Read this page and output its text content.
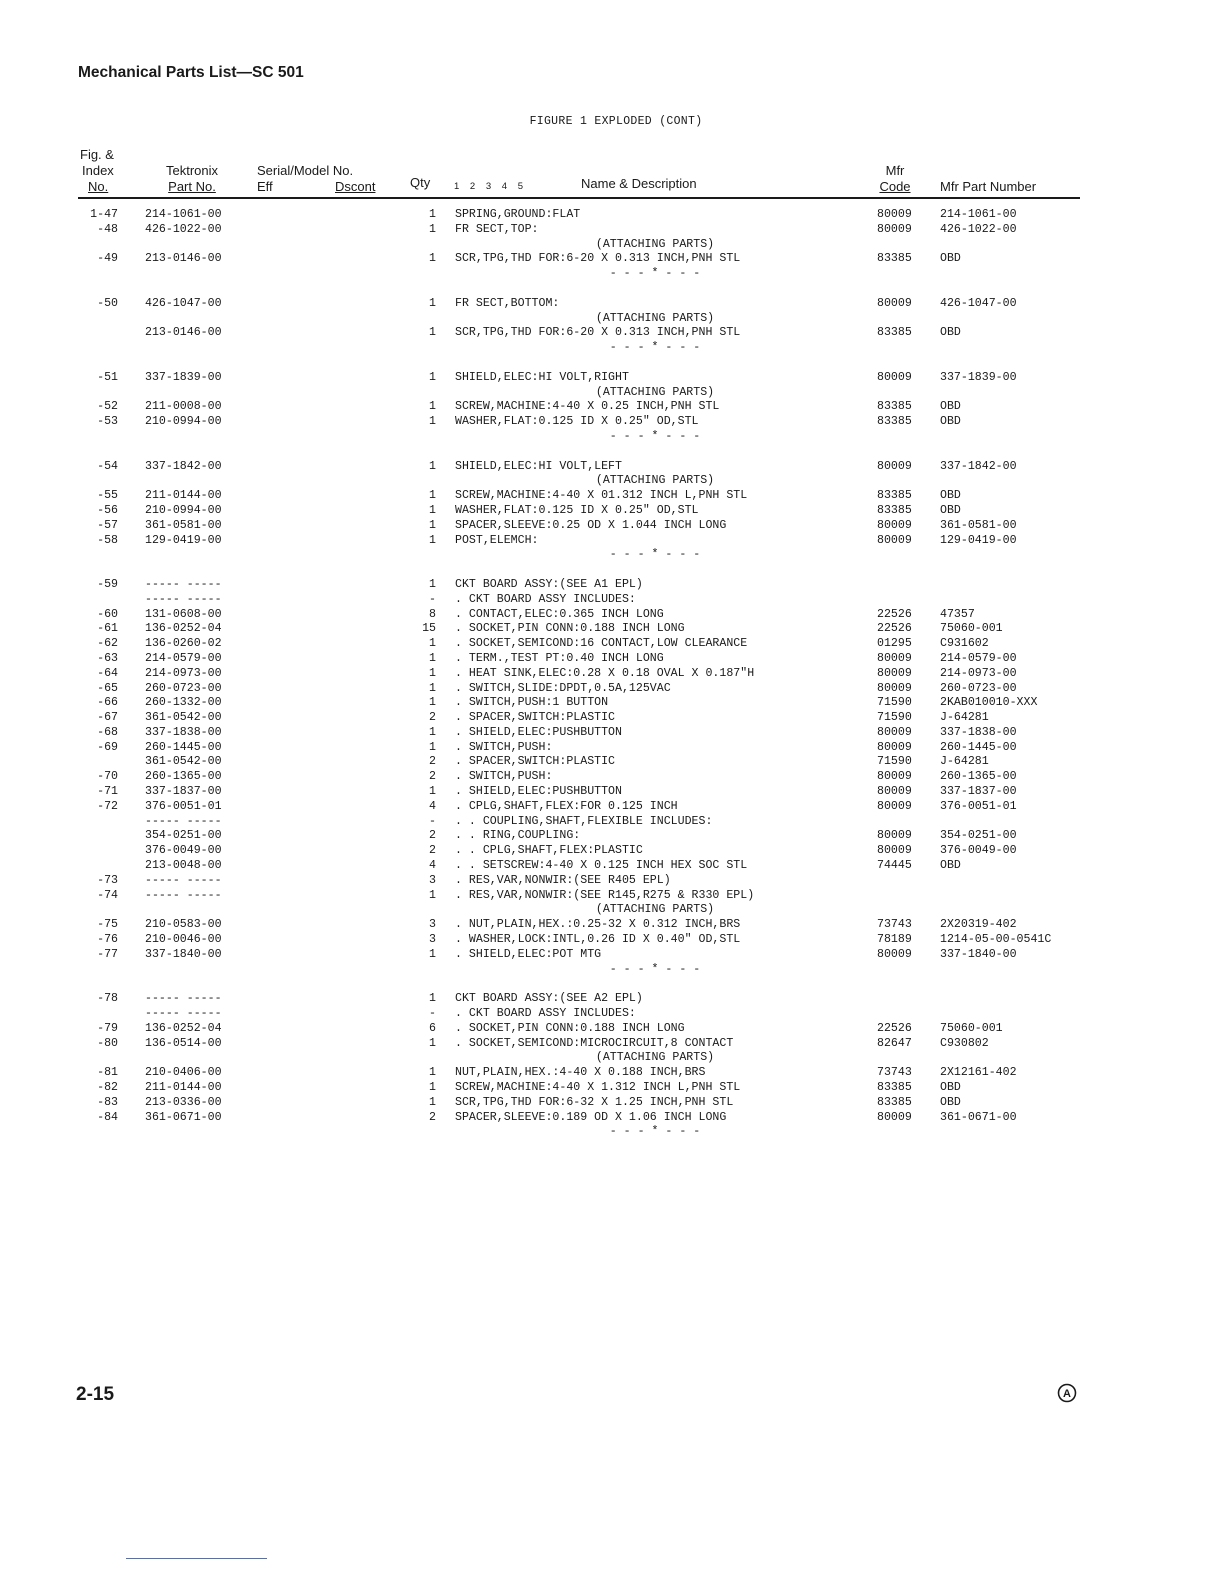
Mechanical Parts List—SC 501
FIGURE 1 EXPLODED (CONT)
Fig. &
Index
No.
Tektronix
Part No.
Serial/Model No.
Eff	Dscont	Qty	1 2 3 4 5	Name & Description
Mfr
Code	Mfr Part Number
1-47 214-1061-00	1 SPRING,GROUND:FLAT	80009 214-1061-00
-48 426-1022-00	1 FR SECT,TOP:	80009 426-1022-00
(ATTACHING PARTS)
-49 213-0146-00	1 SCR,TPG,THD FOR:6-20 X 0.313 INCH,PNH STL	83385 OBD
- - - * - - -
-50 426-1047-00	1 FR SECT,BOTTOM:	80009 426-1047-00
(ATTACHING PARTS)
213-0146-00	1 SCR,TPG,THD FOR:6-20 X 0.313 INCH,PNH STL	83385 OBD
- - - * - - -
-51 337-1839-00	1 SHIELD,ELEC:HI VOLT,RIGHT	80009 337-1839-00
(ATTACHING PARTS)
-52 211-0008-00	1 SCREW,MACHINE:4-40 X 0.25 INCH,PNH STL	83385 OBD
-53 210-0994-00	1 WASHER,FLAT:0.125 ID X 0.25" OD,STL	83385 OBD
- - - * - - -
-54 337-1842-00	1 SHIELD,ELEC:HI VOLT,LEFT	80009 337-1842-00
(ATTACHING PARTS)
-55 211-0144-00	1 SCREW,MACHINE:4-40 X 01.312 INCH L,PNH STL	83385 OBD
-56 210-0994-00	1 WASHER,FLAT:0.125 ID X 0.25" OD,STL	83385 OBD
-57 361-0581-00	1 SPACER,SLEEVE:0.25 OD X 1.044 INCH LONG	80009 361-0581-00
-58 129-0419-00	1 POST,ELEMCH:	80009 129-0419-00
- - - * - - -
-59 ----- -----	1 CKT BOARD ASSY:(SEE A1 EPL)
----- -----	- . CKT BOARD ASSY INCLUDES:
-60 131-0608-00	8 . CONTACT,ELEC:0.365 INCH LONG	22526 47357
-61 136-0252-04	15 . SOCKET,PIN CONN:0.188 INCH LONG	22526 75060-001
-62 136-0260-02	1 . SOCKET,SEMICOND:16 CONTACT,LOW CLEARANCE	01295 C931602
-63 214-0579-00	1 . TERM.,TEST PT:0.40 INCH LONG	80009 214-0579-00
-64 214-0973-00	1 . HEAT SINK,ELEC:0.28 X 0.18 OVAL X 0.187"H	80009 214-0973-00
-65 260-0723-00	1 . SWITCH,SLIDE:DPDT,0.5A,125VAC	80009 260-0723-00
-66 260-1332-00	1 . SWITCH,PUSH:1 BUTTON	71590 2KAB010010-XXX
-67 361-0542-00	2 . SPACER,SWITCH:PLASTIC	71590 J-64281
-68 337-1838-00	1 . SHIELD,ELEC:PUSHBUTTON	80009 337-1838-00
-69 260-1445-00	1 . SWITCH,PUSH:	80009 260-1445-00
361-0542-00	2 . SPACER,SWITCH:PLASTIC	71590 J-64281
-70 260-1365-00	2 . SWITCH,PUSH:	80009 260-1365-00
-71 337-1837-00	1 . SHIELD,ELEC:PUSHBUTTON	80009 337-1837-00
-72 376-0051-01	4 . CPLG,SHAFT,FLEX:FOR 0.125 INCH	80009 376-0051-01
----- -----	- . . COUPLING,SHAFT,FLEXIBLE INCLUDES:
354-0251-00	2 . . RING,COUPLING:	80009 354-0251-00
376-0049-00	2 . . CPLG,SHAFT,FLEX:PLASTIC	80009 376-0049-00
213-0048-00	4 . . SETSCREW:4-40 X 0.125 INCH HEX SOC STL	74445 OBD
-73 ----- -----	3 . RES,VAR,NONWIR:(SEE R405 EPL)
-74 ----- -----	1 . RES,VAR,NONWIR:(SEE R145,R275 & R330 EPL)
(ATTACHING PARTS)
-75 210-0583-00	3 . NUT,PLAIN,HEX.:0.25-32 X 0.312 INCH,BRS	73743 2X20319-402
-76 210-0046-00	3 . WASHER,LOCK:INTL,0.26 ID X 0.40" OD,STL	78189 1214-05-00-0541C
-77 337-1840-00	1 . SHIELD,ELEC:POT MTG	80009 337-1840-00
- - - * - - -
-78 ----- -----	1 CKT BOARD ASSY:(SEE A2 EPL)
----- -----	- . CKT BOARD ASSY INCLUDES:
-79 136-0252-04	6 . SOCKET,PIN CONN:0.188 INCH LONG	22526 75060-001
-80 136-0514-00	1 . SOCKET,SEMICOND:MICROCIRCUIT,8 CONTACT	82647 C930802
(ATTACHING PARTS)
-81 210-0406-00	1 NUT,PLAIN,HEX.:4-40 X 0.188 INCH,BRS	73743 2X12161-402
-82 211-0144-00	1 SCREW,MACHINE:4-40 X 1.312 INCH L,PNH STL	83385 OBD
-83 213-0336-00	1 SCR,TPG,THD FOR:6-32 X 1.25 INCH,PNH STL	83385 OBD
-84 361-0671-00	2 SPACER,SLEEVE:0.189 OD X 1.06 INCH LONG	80009 361-0671-00
- - - * - - -
2-15	A
